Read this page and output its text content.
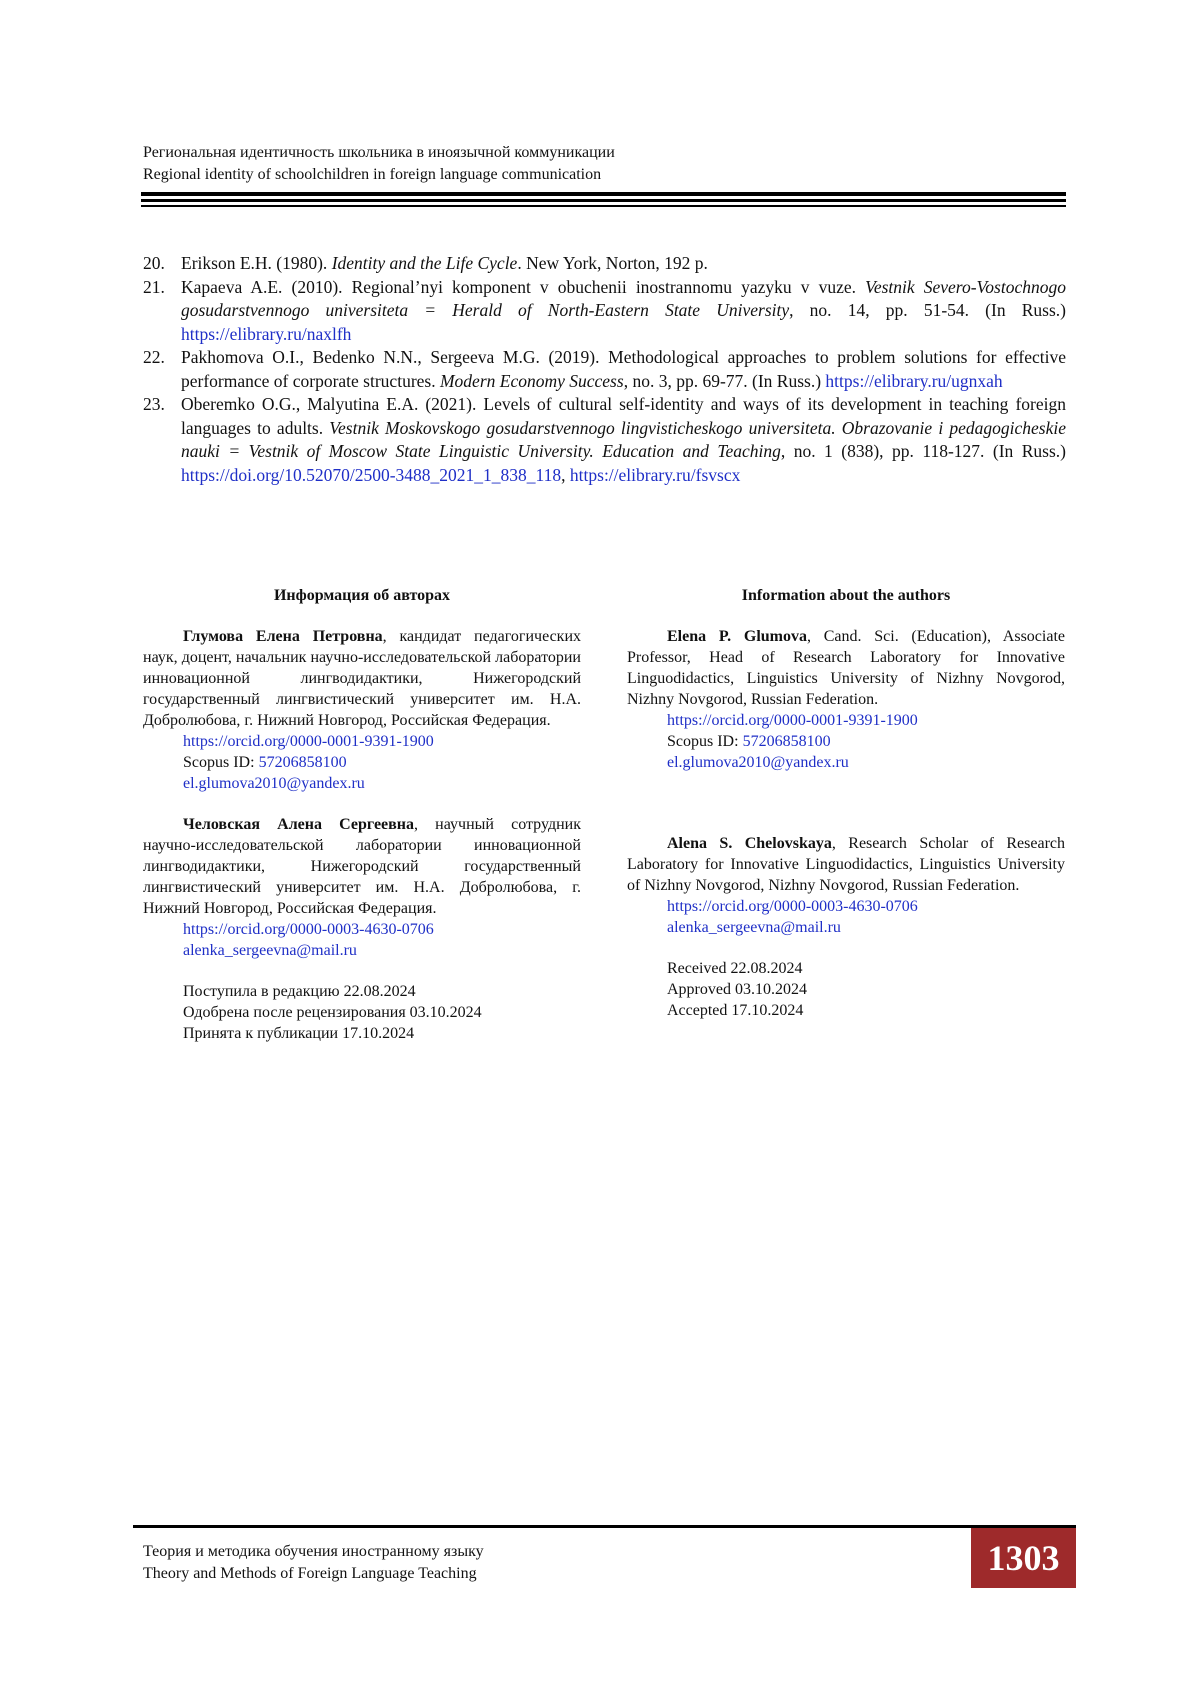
Региональная идентичность школьника в иноязычной коммуникации
Regional identity of schoolchildren in foreign language communication
20. Erikson E.H. (1980). Identity and the Life Cycle. New York, Norton, 192 p.
21. Kapaeva A.E. (2010). Regional’nyi komponent v obuchenii inostrannomu yazyku v vuze. Vestnik Severo-Vostochnogo gosudarstvennogo universiteta = Herald of North-Eastern State University, no. 14, pp. 51-54. (In Russ.) https://elibrary.ru/naxlfh
22. Pakhomova O.I., Bedenko N.N., Sergeeva M.G. (2019). Methodological approaches to problem solutions for effective performance of corporate structures. Modern Economy Success, no. 3, pp. 69-77. (In Russ.) https://elibrary.ru/ugnxah
23. Oberemko O.G., Malyutina E.A. (2021). Levels of cultural self-identity and ways of its development in teaching foreign languages to adults. Vestnik Moskovskogo gosudarstvennogo lingvisticheskogo universiteta. Obrazovanie i pedagogicheskie nauki = Vestnik of Moscow State Linguistic University. Education and Teaching, no. 1 (838), pp. 118-127. (In Russ.) https://doi.org/10.52070/2500-3488_2021_1_838_118, https://elibrary.ru/fsvscx
Информация об авторах
Глумова Елена Петровна, кандидат педагогических наук, доцент, начальник научно-исследовательской лаборатории инновационной лингводидактики, Нижегородский государственный лингвистический университет им. Н.А. Добролюбова, г. Нижний Новгород, Российская Федерация.
https://orcid.org/0000-0001-9391-1900
Scopus ID: 57206858100
el.glumova2010@yandex.ru
Человская Алена Сергеевна, научный сотрудник научно-исследовательской лаборатории инновационной лингводидактики, Нижегородский государственный лингвистический университет им. Н.А. Добролюбова, г. Нижний Новгород, Российская Федерация.
https://orcid.org/0000-0003-4630-0706
alenka_sergeevna@mail.ru
Поступила в редакцию 22.08.2024
Одобрена после рецензирования 03.10.2024
Принята к публикации 17.10.2024
Information about the authors
Elena P. Glumova, Cand. Sci. (Education), Associate Professor, Head of Research Laboratory for Innovative Linguodidactics, Linguistics University of Nizhny Novgorod, Nizhny Novgorod, Russian Federation.
https://orcid.org/0000-0001-9391-1900
Scopus ID: 57206858100
el.glumova2010@yandex.ru
Alena S. Chelovskaya, Research Scholar of Research Laboratory for Innovative Linguodidactics, Linguistics University of Nizhny Novgorod, Nizhny Novgorod, Russian Federation.
https://orcid.org/0000-0003-4630-0706
alenka_sergeevna@mail.ru
Received 22.08.2024
Approved 03.10.2024
Accepted 17.10.2024
Теория и методика обучения иностранному языку
Theory and Methods of Foreign Language Teaching	1303
